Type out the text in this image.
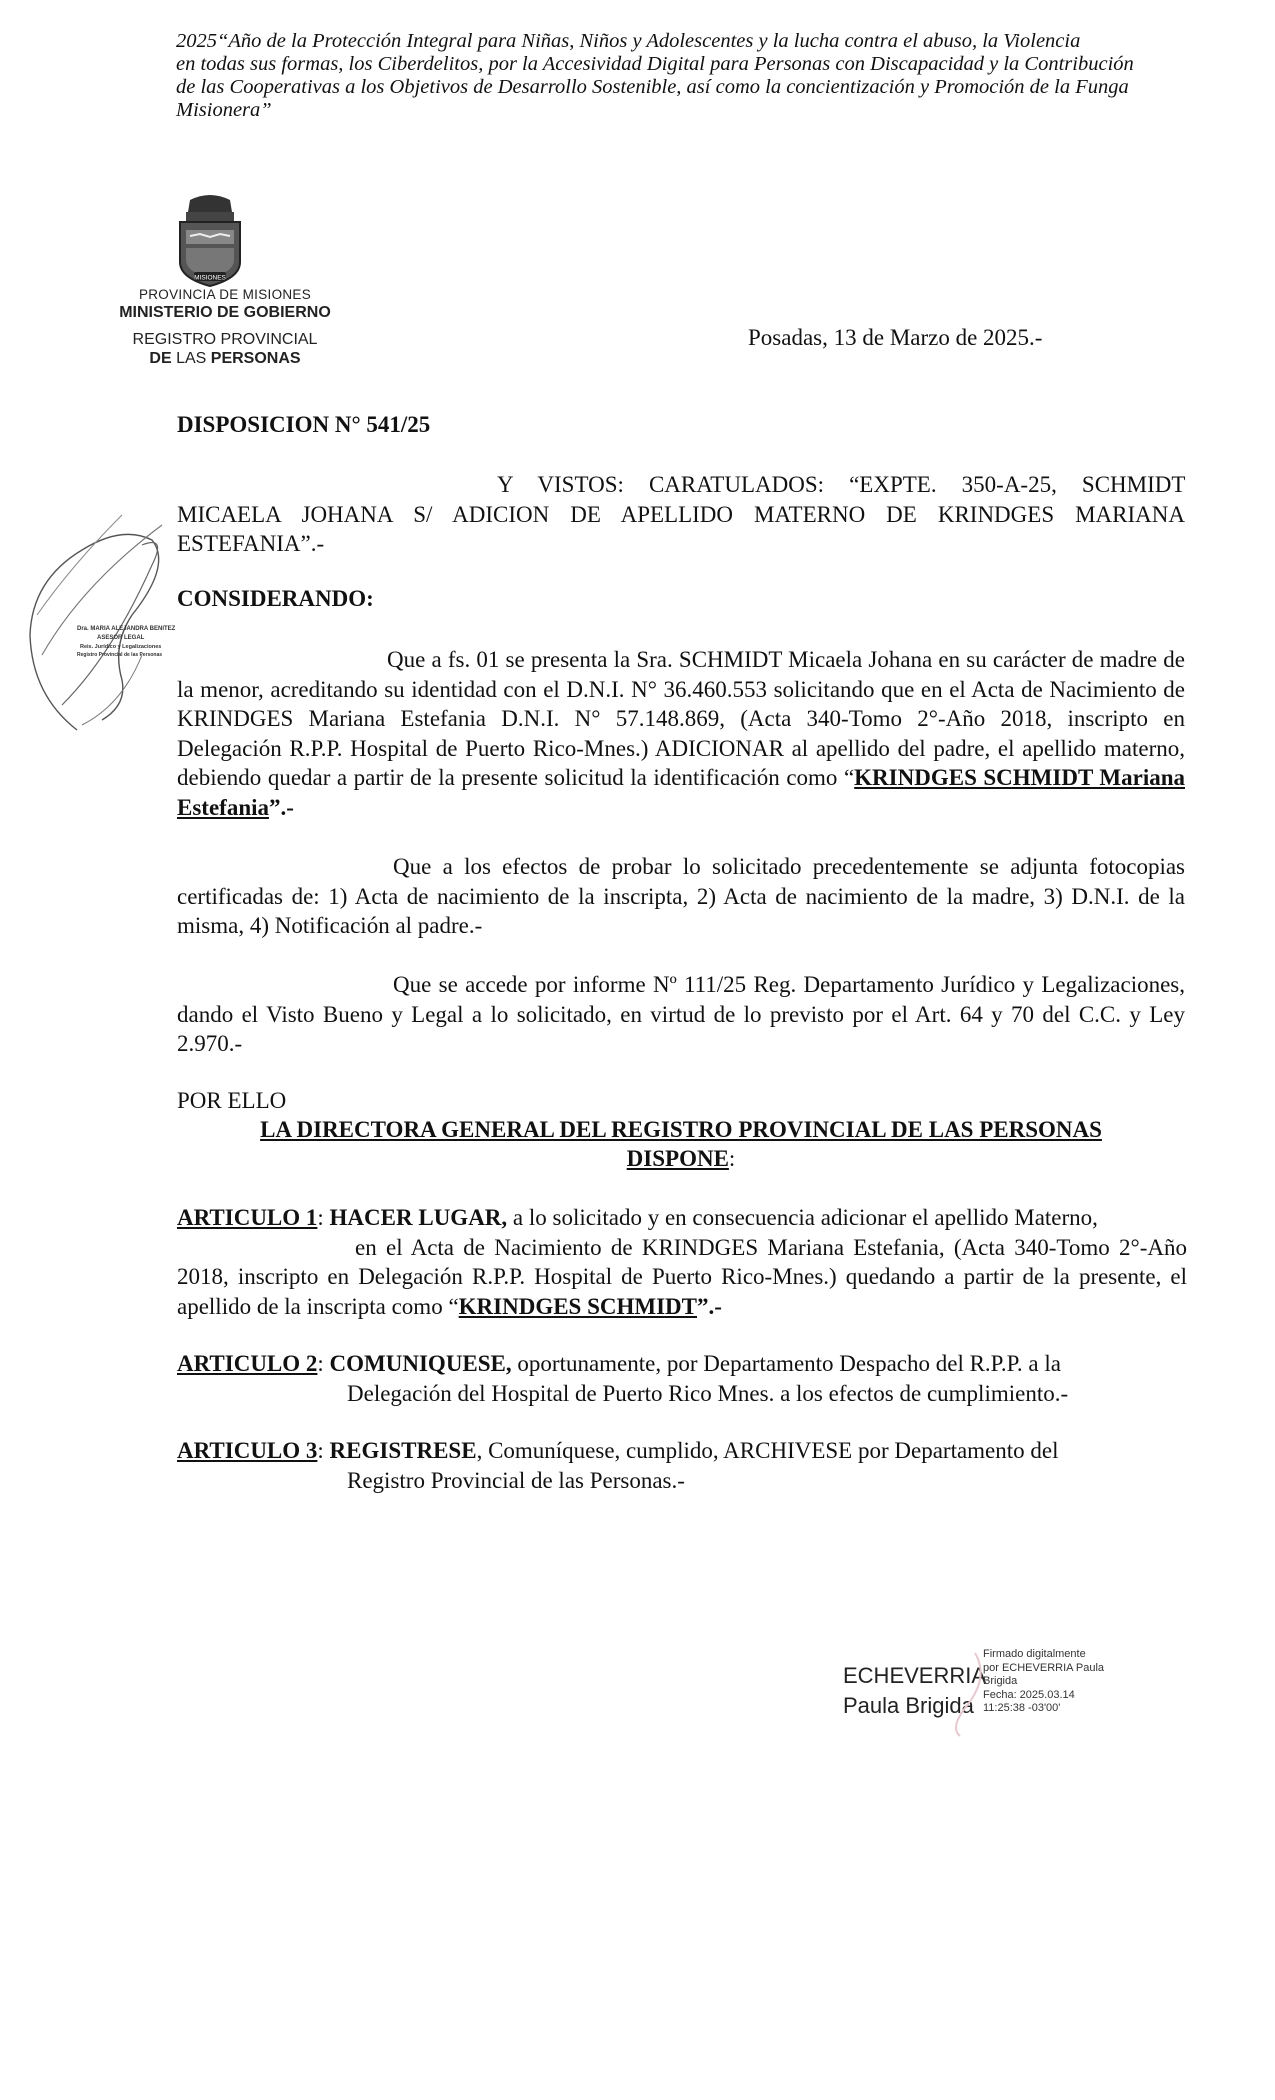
2025“Año de la Protección Integral para Niñas, Niños y Adolescentes y la lucha contra el abuso, la Violencia
en todas sus formas, los Ciberdelitos, por la Accesividad Digital para Personas con Discapacidad y la Contribución
de las Cooperativas a los Objetivos de Desarrollo Sostenible, así como la concientización y Promoción de la Funga
Misionera”
MISIONES
PROVINCIA DE MISIONES
MINISTERIO DE GOBIERNO
REGISTRO PROVINCIAL
DE LAS PERSONAS
Posadas, 13 de Marzo de 2025.-
DISPOSICION N° 541/25
Y VISTOS: CARATULADOS: “EXPTE. 350-A-25, SCHMIDT MICAELA JOHANA S/ ADICION DE APELLIDO MATERNO DE KRINDGES MARIANA ESTEFANIA”.-
CONSIDERANDO:
Que a fs. 01 se presenta la Sra. SCHMIDT Micaela Johana en su carácter de madre de la menor, acreditando su identidad con el D.N.I. N° 36.460.553 solicitando que en el Acta de Nacimiento de KRINDGES Mariana Estefania D.N.I. N° 57.148.869, (Acta 340-Tomo 2°-Año 2018, inscripto en Delegación R.P.P. Hospital de Puerto Rico-Mnes.) ADICIONAR al apellido del padre, el apellido materno, debiendo quedar a partir de la presente solicitud la identificación como “KRINDGES SCHMIDT Mariana Estefania”.-
Que a los efectos de probar lo solicitado precedentemente se adjunta fotocopias certificadas de: 1) Acta de nacimiento de la inscripta, 2) Acta de nacimiento de la madre, 3) D.N.I. de la misma, 4) Notificación al padre.-
Que se accede por informe Nº 111/25 Reg. Departamento Jurídico y Legalizaciones, dando el Visto Bueno y Legal a lo solicitado, en virtud de lo previsto por el Art. 64 y 70 del C.C. y Ley 2.970.-
POR ELLO
LA DIRECTORA GENERAL DEL REGISTRO PROVINCIAL DE LAS PERSONAS
DISPONE:
ARTICULO 1: HACER LUGAR, a lo solicitado y en consecuencia adicionar el apellido Materno,
en el Acta de Nacimiento de KRINDGES Mariana Estefania, (Acta 340-Tomo 2°-Año 2018, inscripto en Delegación R.P.P. Hospital de Puerto Rico-Mnes.) quedando a partir de la presente, el apellido de la inscripta como “KRINDGES SCHMIDT”.-
ARTICULO 2: COMUNIQUESE, oportunamente, por Departamento Despacho del R.P.P. a la
Delegación del Hospital de Puerto Rico Mnes. a los efectos de cumplimiento.-
ARTICULO 3: REGISTRESE, Comuníquese, cumplido, ARCHIVESE por Departamento del
Registro Provincial de las Personas.-
Dra. MARIA ALEJANDRA BENITEZ
ASESOR LEGAL
Reis. Jurídico y Legalizaciones
Registro Provincial de las Personas
ECHEVERRIA
Paula Brigida
Firmado digitalmente
por ECHEVERRIA Paula
Brigida
Fecha: 2025.03.14
11:25:38 -03'00'
